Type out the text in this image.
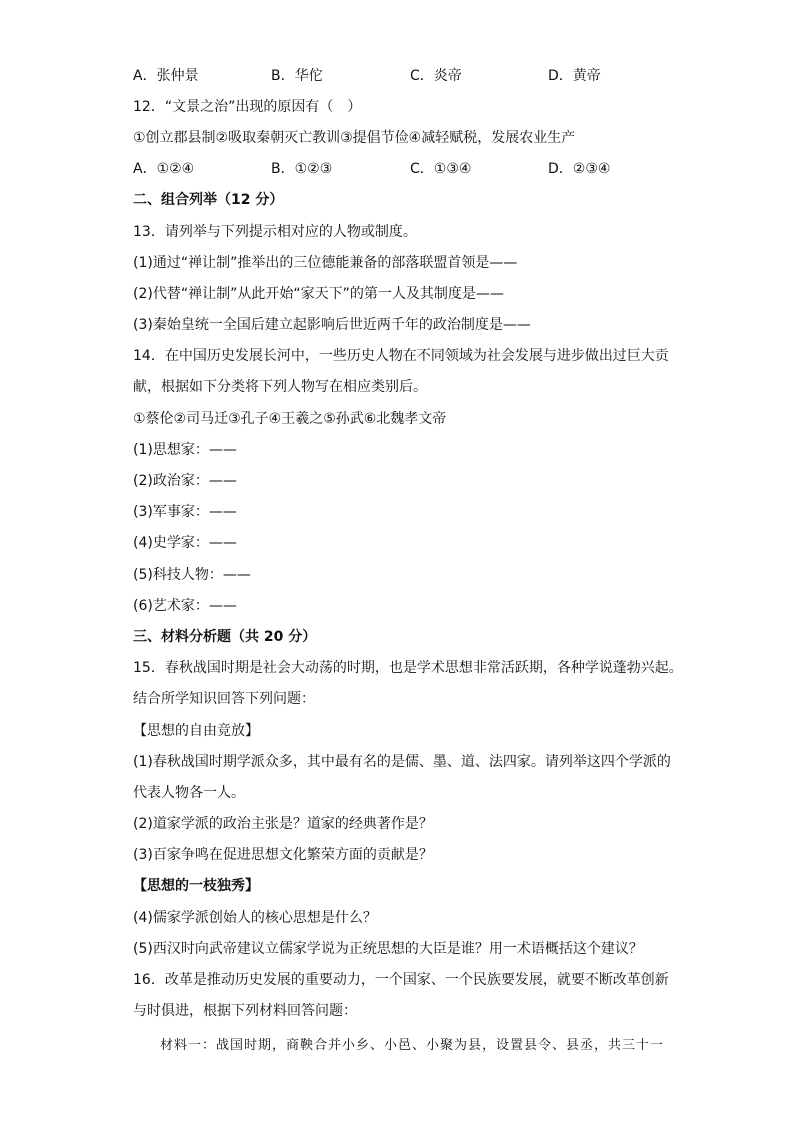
A．张仲景	B．华佗	C．炎帝	D．黄帝
12．“文景之治”出现的原因有（　）
①创立郡县制②吸取秦朝灭亡教训③提倡节俭④减轻赋税，发展农业生产
A．①②④	B．①②③	C．①③④	D．②③④
二、组合列举（12 分）
13．请列举与下列提示相对应的人物或制度。
(1)通过“禅让制”推举出的三位德能兼备的部落联盟首领是——
(2)代替“禅让制”从此开始“家天下”的第一人及其制度是——
(3)秦始皇统一全国后建立起影响后世近两千年的政治制度是——
14．在中国历史发展长河中，一些历史人物在不同领域为社会发展与进步做出过巨大贡
献，根据如下分类将下列人物写在相应类别后。
①蔡伦②司马迁③孔子④王羲之⑤孙武⑥北魏孝文帝
(1)思想家：——
(2)政治家：——
(3)军事家：——
(4)史学家：——
(5)科技人物：——
(6)艺术家：——
三、材料分析题（共 20 分）
15．春秋战国时期是社会大动荡的时期，也是学术思想非常活跃期，各种学说蓬勃兴起。
结合所学知识回答下列问题：
【思想的自由竞放】
(1)春秋战国时期学派众多，其中最有名的是儒、墨、道、法四家。请列举这四个学派的
代表人物各一人。
(2)道家学派的政治主张是？道家的经典著作是？
(3)百家争鸣在促进思想文化繁荣方面的贡献是？
【思想的一枝独秀】
(4)儒家学派创始人的核心思想是什么？
(5)西汉时向武帝建议立儒家学说为正统思想的大臣是谁？用一术语概括这个建议？
16．改革是推动历史发展的重要动力，一个国家、一个民族要发展，就要不断改革创新
与时俱进，根据下列材料回答问题：
材料一：战国时期，商鞅合并小乡、小邑、小聚为县，设置县令、县丞，共三十一
